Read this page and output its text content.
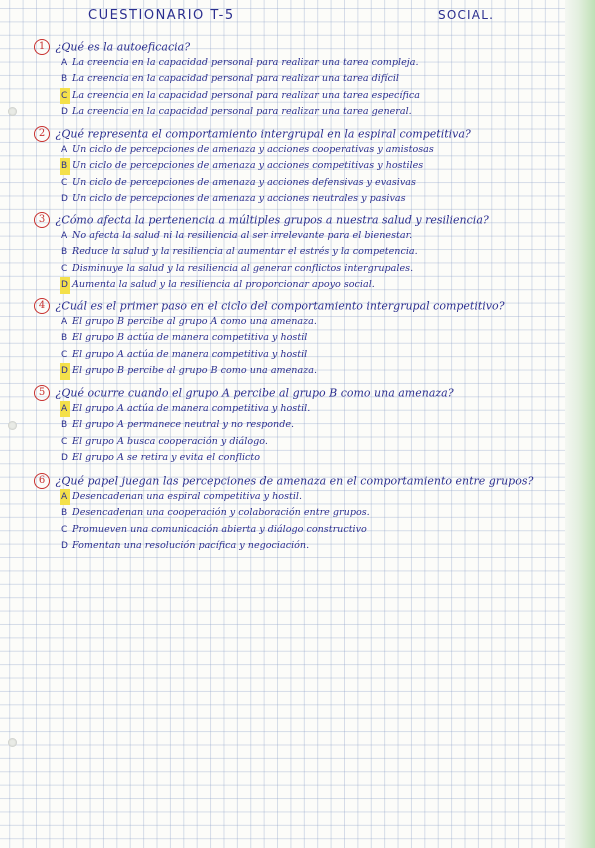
CUESTIONARIO T-5	SOCIAL.
1 ¿Qué es la autoeficacia?
A La creencia en la capacidad personal para realizar una tarea compleja.
B La creencia en la capacidad personal para realizar una tarea difícil
C La creencia en la capacidad personal para realizar una tarea específica
D La creencia en la capacidad personal para realizar una tarea general.
2 ¿Qué representa el comportamiento intergrupal en la espiral competitiva?
A Un ciclo de percepciones de amenaza y acciones cooperativas y amistosas
B Un ciclo de percepciones de amenaza y acciones competitivas y hostiles
C Un ciclo de percepciones de amenaza y acciones defensivas y evasivas
D Un ciclo de percepciones de amenaza y acciones neutrales y pasivas
3 ¿Cómo afecta la pertenencia a múltiples grupos a nuestra salud y resiliencia?
A No afecta la salud ni la resiliencia al ser irrelevante para el bienestar.
B Reduce la salud y la resiliencia al aumentar el estrés y la competencia.
C Disminuye la salud y la resiliencia al generar conflictos intergrupales.
D Aumenta la salud y la resiliencia al proporcionar apoyo social.
4 ¿Cuál es el primer paso en el ciclo del comportamiento intergrupal competitivo?
A El grupo B percibe al grupo A como una amenaza.
B El grupo B actúa de manera competitiva y hostil
C El grupo A actúa de manera competitiva y hostil
D El grupo B percibe al grupo B como una amenaza.
5 ¿Qué ocurre cuando el grupo A percibe al grupo B como una amenaza?
A El grupo A actúa de manera competitiva y hostil.
B El grupo A permanece neutral y no responde.
C El grupo A busca cooperación y diálogo.
D El grupo A se retira y evita el conflicto
6 ¿Qué papel juegan las percepciones de amenaza en el comportamiento entre grupos?
A Desencadenan una espiral competitiva y hostil.
B Desencadenan una cooperación y colaboración entre grupos.
C Promueven una comunicación abierta y diálogo constructivo
D Fomentan una resolución pacífica y negociación.
